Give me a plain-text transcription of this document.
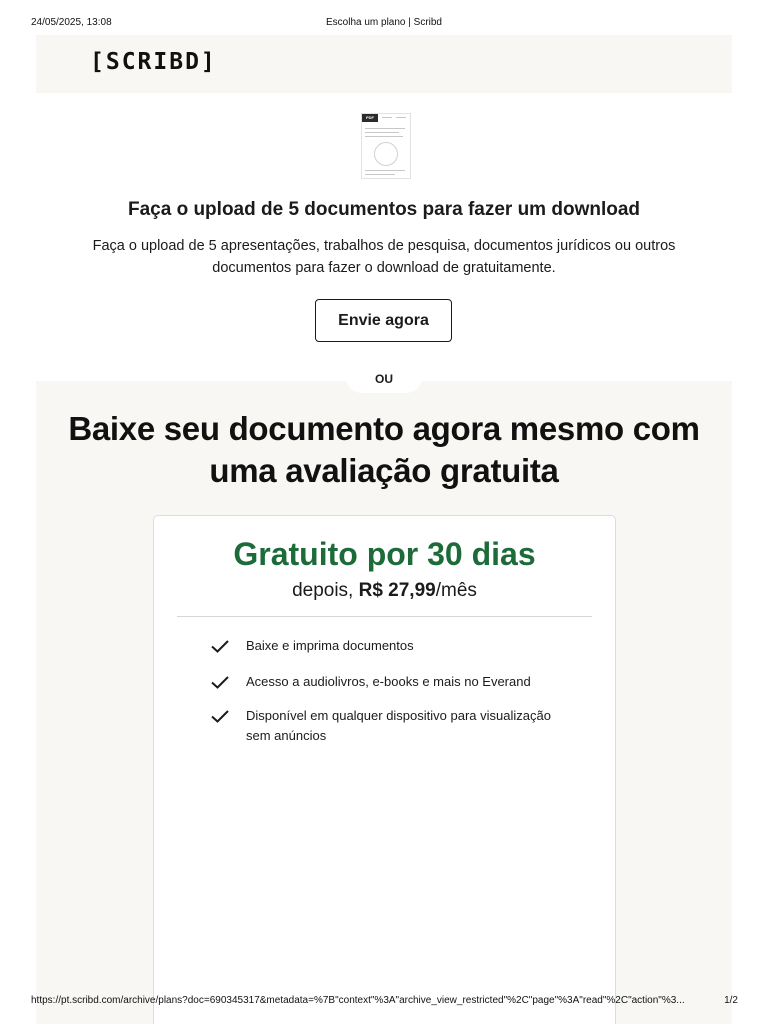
24/05/2025, 13:08	Escolha um plano | Scribd
[SCRIBD]
PDF
Faça o upload de 5 documentos para fazer um download
Faça o upload de 5 apresentações, trabalhos de pesquisa, documentos jurídicos ou outros documentos para fazer o download de gratuitamente.
Envie agora
OU
Baixe seu documento agora mesmo com uma avaliação gratuita
Gratuito por 30 dias
depois, R$ 27,99/mês
Baixe e imprima documentos
Acesso a audiolivros, e-books e mais no Everand
Disponível em qualquer dispositivo para visualização sem anúncios
https://pt.scribd.com/archive/plans?doc=690345317&metadata=%7B"context"%3A"archive_view_restricted"%2C"page"%3A"read"%2C"action"%3...	1/2
